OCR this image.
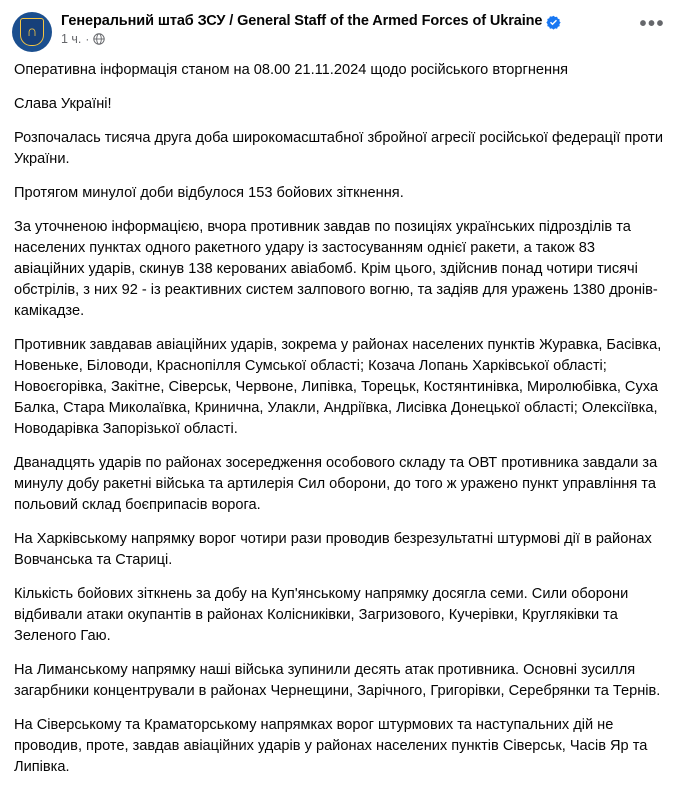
∩
Генеральний штаб ЗСУ / General Staff of the Armed Forces of Ukraine
1 ч. ·
•••

Оперативна інформація станом на 08.00 21.11.2024 щодо російського вторгнення

Слава Україні!

Розпочалась тисяча друга доба широкомасштабної збройної агресії російської федерації проти України.

Протягом минулої доби відбулося 153 бойових зіткнення.

За уточненою інформацією, вчора противник завдав по позиціях українських підрозділів та населених пунктах одного ракетного удару із застосуванням однієї ракети, а також 83 авіаційних ударів, скинув 138 керованих авіабомб. Крім цього, здійснив понад чотири тисячі обстрілів, з них 92 - із реактивних систем залпового вогню, та задіяв для уражень 1380 дронів-камікадзе.

Противник завдавав авіаційних ударів, зокрема у районах населених пунктів Журавка, Басівка, Новеньке, Біловоди, Краснопілля Сумської області; Козача Лопань Харківської області; Новоєгорівка, Закітне, Сіверськ, Червоне, Липівка, Торецьк, Костянтинівка, Миролюбівка, Суха Балка, Стара Миколаївка, Кринична, Улакли, Андріївка, Лисівка Донецької області; Олексіївка, Новодарівка Запорізької області.

Дванадцять ударів по районах зосередження особового складу та ОВТ противника завдали за минулу добу ракетні війська та артилерія Сил оборони, до того ж уражено пункт управління та польовий склад боєприпасів ворога.

На Харківському напрямку ворог чотири рази проводив безрезультатні штурмові дії в районах Вовчанська та Стариці.

Кількість бойових зіткнень за добу на Куп'янському напрямку досягла семи. Сили оборони відбивали атаки окупантів в районах Колісниківки, Загризового, Кучерівки, Круглякiвки та Зеленого Гаю.

На Лиманському напрямку наші війська зупинили десять атак противника. Основні зусилля загарбники концентрували в районах Чернещини, Зарічного, Григорівки, Серебрянки та Тернів.

На Сіверському та Краматорському напрямках ворог штурмових та наступальних дій не проводив, проте, завдав авіаційних ударів у районах населених пунктів Сіверськ, Часів Яр та Липівка.
